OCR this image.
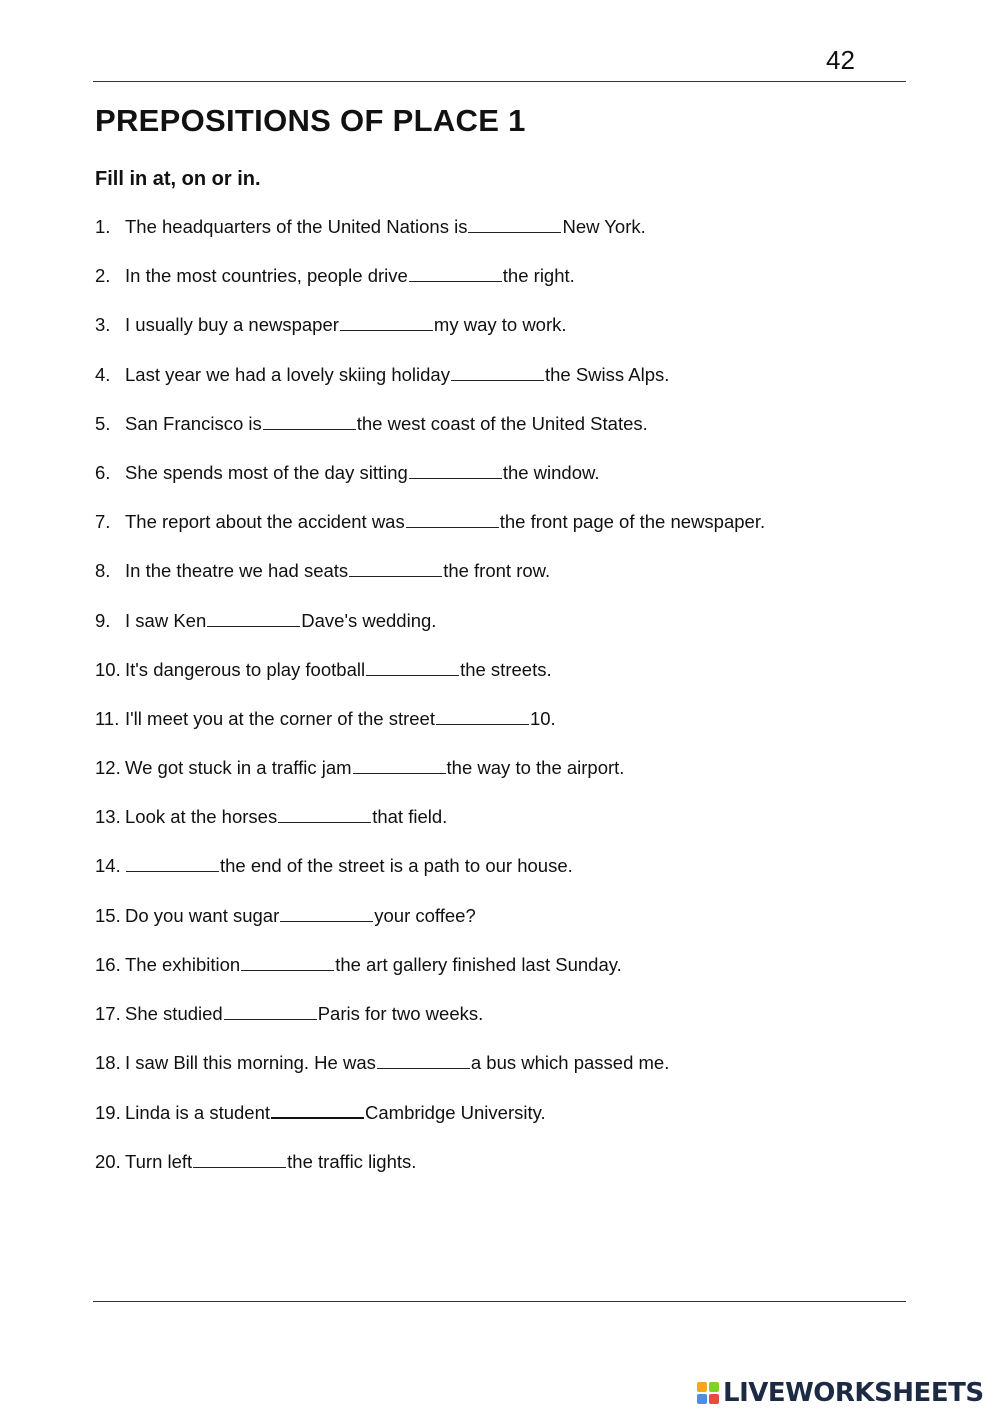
42
PREPOSITIONS OF PLACE 1
Fill in at, on or in.
1. The headquarters of the United Nations is	New York.
2. In the most countries, people drive	the right.
3. I usually buy a newspaper	my way to work.
4. Last year we had a lovely skiing holiday	the Swiss Alps.
5. San Francisco is	the west coast of the United States.
6. She spends most of the day sitting	the window.
7. The report about the accident was	the front page of the newspaper.
8. In the theatre we had seats	the front row.
9. I saw Ken	Dave's wedding.
10. It's dangerous to play football	the streets.
11. I'll meet you at the corner of the street	10.
12. We got stuck in a traffic jam	the way to the airport.
13. Look at the horses	that field.
14.	the end of the street is a path to our house.
15. Do you want sugar	your coffee?
16. The exhibition	the art gallery finished last Sunday.
17. She studied	Paris for two weeks.
18. I saw Bill this morning. He was	a bus which passed me.
19. Linda is a student	Cambridge University.
20. Turn left	the traffic lights.
LIVEWORKSHEETS
